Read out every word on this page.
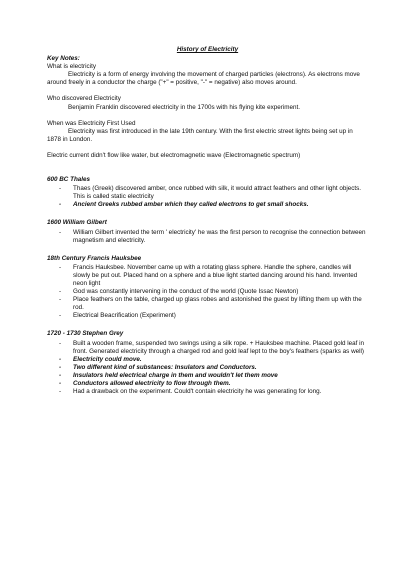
History of Electricity

Key Notes:

What is electricity

Electricity is a form of energy involving the movement of charged particles (electrons). As electrons move around freely in a conductor the charge ("+" = positive, "-" = negative) also moves around.

Who discovered Electricity

Benjamin Franklin discovered electricity in the 1700s with his flying kite experiment.

When was Electricity First Used

Electricity was first introduced in the late 19th century. With the first electric street lights being set up in 1878 in London.

Electric current didn't flow like water, but electromagnetic wave (Electromagnetic spectrum)

600 BC Thales

- Thaes (Greek) discovered amber, once rubbed with silk, it would attract feathers and other light objects. This is called static electricity
- Ancient Greeks rubbed amber which they called electrons to get small shocks.

1600 William Gilbert

- William Gilbert invented the term ' electricity' he was the first person to recognise the connection between magnetism and electricity.

18th Century Francis Hauksbee

- Francis Hauksbee. November came up with a rotating glass sphere. Handle the sphere, candles will slowly be put out. Placed hand on a sphere and a blue light started dancing around his hand. Invented neon light
- God was constantly intervening in the conduct of the world (Quote Issac Newton)
- Place feathers on the table, charged up glass robes and astonished the guest by lifting them up with the rod.
- Electrical Beacrification (Experiment)

1720 - 1730 Stephen Grey

- Built a wooden frame, suspended two swings using a silk rope. + Hauksbee machine. Placed gold leaf in front. Generated electricity through a charged rod and gold leaf lept to the boy's feathers (sparks as well)
- Electricity could move.
- Two different kind of substances: Insulators and Conductors.
- Insulators held electrical charge in them and wouldn't let them move
- Conductors allowed electricity to flow through them.
- Had a drawback on the experiment. Could't contain electricity he was generating for long.
